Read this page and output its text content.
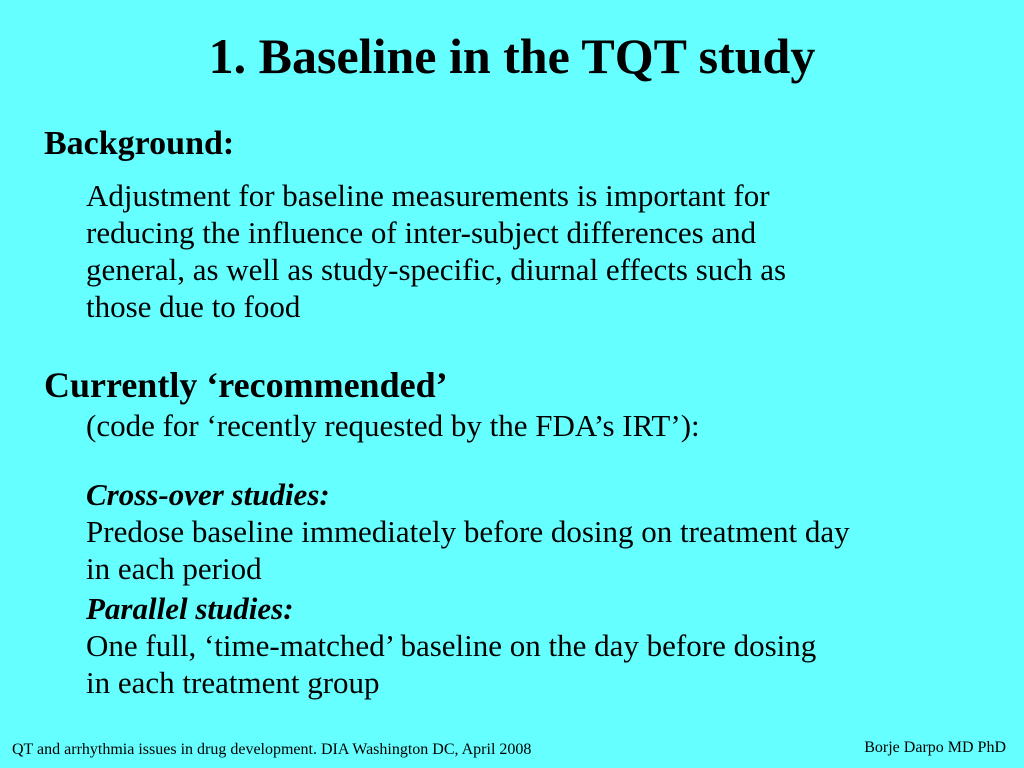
1. Baseline in the TQT study
Background:
Adjustment for baseline measurements is important for
reducing the influence of inter-subject differences and
general, as well as study-specific, diurnal effects such as
those due to food
Currently ‘recommended’
(code for ‘recently requested by the FDA’s IRT’):
Cross-over studies:
Predose baseline immediately before dosing on treatment day
in each period
Parallel studies:
One full, ‘time-matched’ baseline on the day before dosing
in each treatment group
QT and arrhythmia issues in drug development. DIA Washington DC, April 2008	Borje Darpo MD PhD
